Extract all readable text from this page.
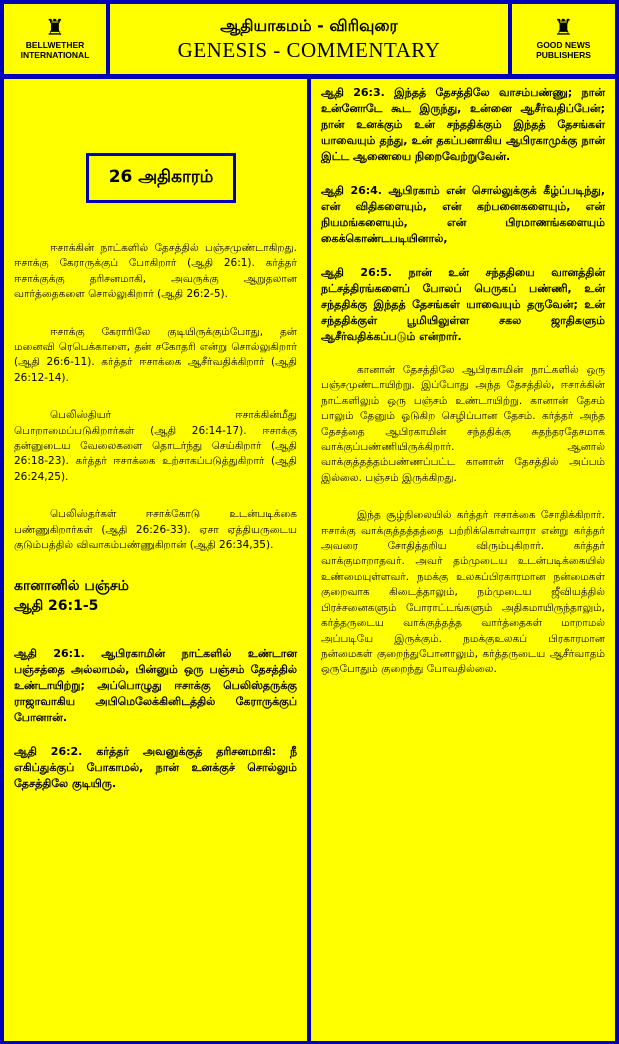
♜
BELLWETHER INTERNATIONAL
ஆதியாகமம் - விரிவுரை
GENESIS - COMMENTARY
♜
GOOD NEWS PUBLISHERS
26 அதிகாரம்

ஈசாக்கின் நாட்களில் தேசத்தில் பஞ்சமுண்டாகிறது. ஈசாக்கு கேராருக்குப் போகிறார் (ஆதி 26:1). கர்த்தர் ஈசாக்குக்கு தரிசனமாகி, அவருக்கு ஆறுதலான வார்த்தைகளை சொல்லுகிறார் (ஆதி 26:2-5).

ஈசாக்கு கேராரிலே குடியிருக்கும்போது, தன் மனைவி ரெபெக்காளை, தன் சகோதரி என்று சொல்லுகிறார் (ஆதி 26:6-11). கர்த்தர் ஈசாக்கை ஆசீர்வதிக்கிறார் (ஆதி 26:12-14).

பெலிஸ்தியர் ஈசாக்கின்மீது பொறாமைப்படுகிறார்கள் (ஆதி 26:14-17). ஈசாக்கு தன்னுடைய வேலைகளை தொடர்ந்து செய்கிறார் (ஆதி 26:18-23). கர்த்தர் ஈசாக்கை உற்சாகப்படுத்துகிறார் (ஆதி 26:24,25).

பெலிஸ்தர்கள் ஈசாக்கோடு உடன்படிக்கை பண்ணுகிறார்கள் (ஆதி 26:26-33). ஏசா ஏத்தியருடைய குடும்பத்தில் விவாகம்பண்ணுகிறான் (ஆதி 26:34,35).

கானானில் பஞ்சம்
ஆதி 26:1-5

ஆதி 26:1. ஆபிரகாமின் நாட்களில் உண்டான பஞ்சத்தை அல்லாமல், பின்னும் ஒரு பஞ்சம் தேசத்தில் உண்டாயிற்று; அப்பொழுது ஈசாக்கு பெலிஸ்தருக்கு ராஜாவாகிய அபிமெலேக்கினிடத்தில் கேராருக்குப் போனான்.

ஆதி 26:2. கர்த்தர் அவனுக்குத் தரிசனமாகி: நீ எகிப்துக்குப் போகாமல், நான் உனக்குச் சொல்லும் தேசத்திலே குடியிரு.

ஆதி 26:3. இந்தத் தேசத்திலே வாசம்பண்ணு; நான் உன்னோடே கூட இருந்து, உன்னை ஆசீர்வதிப்பேன்; நான் உனக்கும் உன் சந்ததிக்கும் இந்தத் தேசங்கள் யாவையும் தந்து, உன் தகப்பனாகிய ஆபிரகாமுக்கு நான் இட்ட ஆணையை நிறைவேற்றுவேன்.

ஆதி 26:4. ஆபிரகாம் என் சொல்லுக்குக் கீழ்ப்படிந்து, என் விதிகளையும், என் கற்பனைகளையும், என் நியமங்களையும், என் பிரமாணங்களையும் கைக்கொண்டபடியினால்,

ஆதி 26:5. நான் உன் சந்ததியை வானத்தின் நட்சத்திரங்களைப் போலப் பெருகப் பண்ணி, உன் சந்ததிக்கு இந்தத் தேசங்கள் யாவையும் தருவேன்; உன் சந்ததிக்குள் பூமியிலுள்ள சகல ஜாதிகளும் ஆசீர்வதிக்கப்படும் என்றார்.

கானான் தேசத்திலே ஆபிரகாமின் நாட்களில் ஒரு பஞ்சமுண்டாயிற்று. இப்போது அந்த தேசத்தில், ஈசாக்கின் நாட்களிலும் ஒரு பஞ்சம் உண்டாயிற்று. கானான் தேசம் பாலும் தேனும் ஓடுகிற செழிப்பான தேசம். கர்த்தர் அந்த தேசத்தை ஆபிரகாமின் சந்ததிக்கு சுதந்தரதேசமாக வாக்குப்பண்ணியிருக்கிறார். ஆனால் வாக்குத்தத்தம்பண்ணப்பட்ட கானான் தேசத்தில் அப்பம் இல்லை. பஞ்சம் இருக்கிறது.

இந்த சூழ்நிலையில் கர்த்தர் ஈசாக்கை சோதிக்கிறார். ஈசாக்கு வாக்குத்தத்தத்தை பற்றிக்கொள்வாரா என்று கர்த்தர் அவரை சோதித்தறிய விரும்புகிறார். கர்த்தர் வாக்குமாறாதவர். அவர் தம்முடைய உடன்படிக்கையில் உண்மையுள்ளவர். நமக்கு உலகப்பிரகாரமான நன்மைகள் குறைவாக கிடைத்தாலும், நம்முடைய ஜீவியத்தில் பிரச்சனைகளும் போராட்டங்களும் அதிகமாயிருந்தாலும், கர்த்தருடைய வாக்குத்தத்த வார்த்தைகள் மாறாமல் அப்படியே இருக்கும். நமக்குஉலகப் பிரகாரமான நன்மைகள் குறைந்துபோனாலும், கர்த்தருடைய ஆசீர்வாதம் ஒருபோதும் குறைந்து போவதில்லை.
